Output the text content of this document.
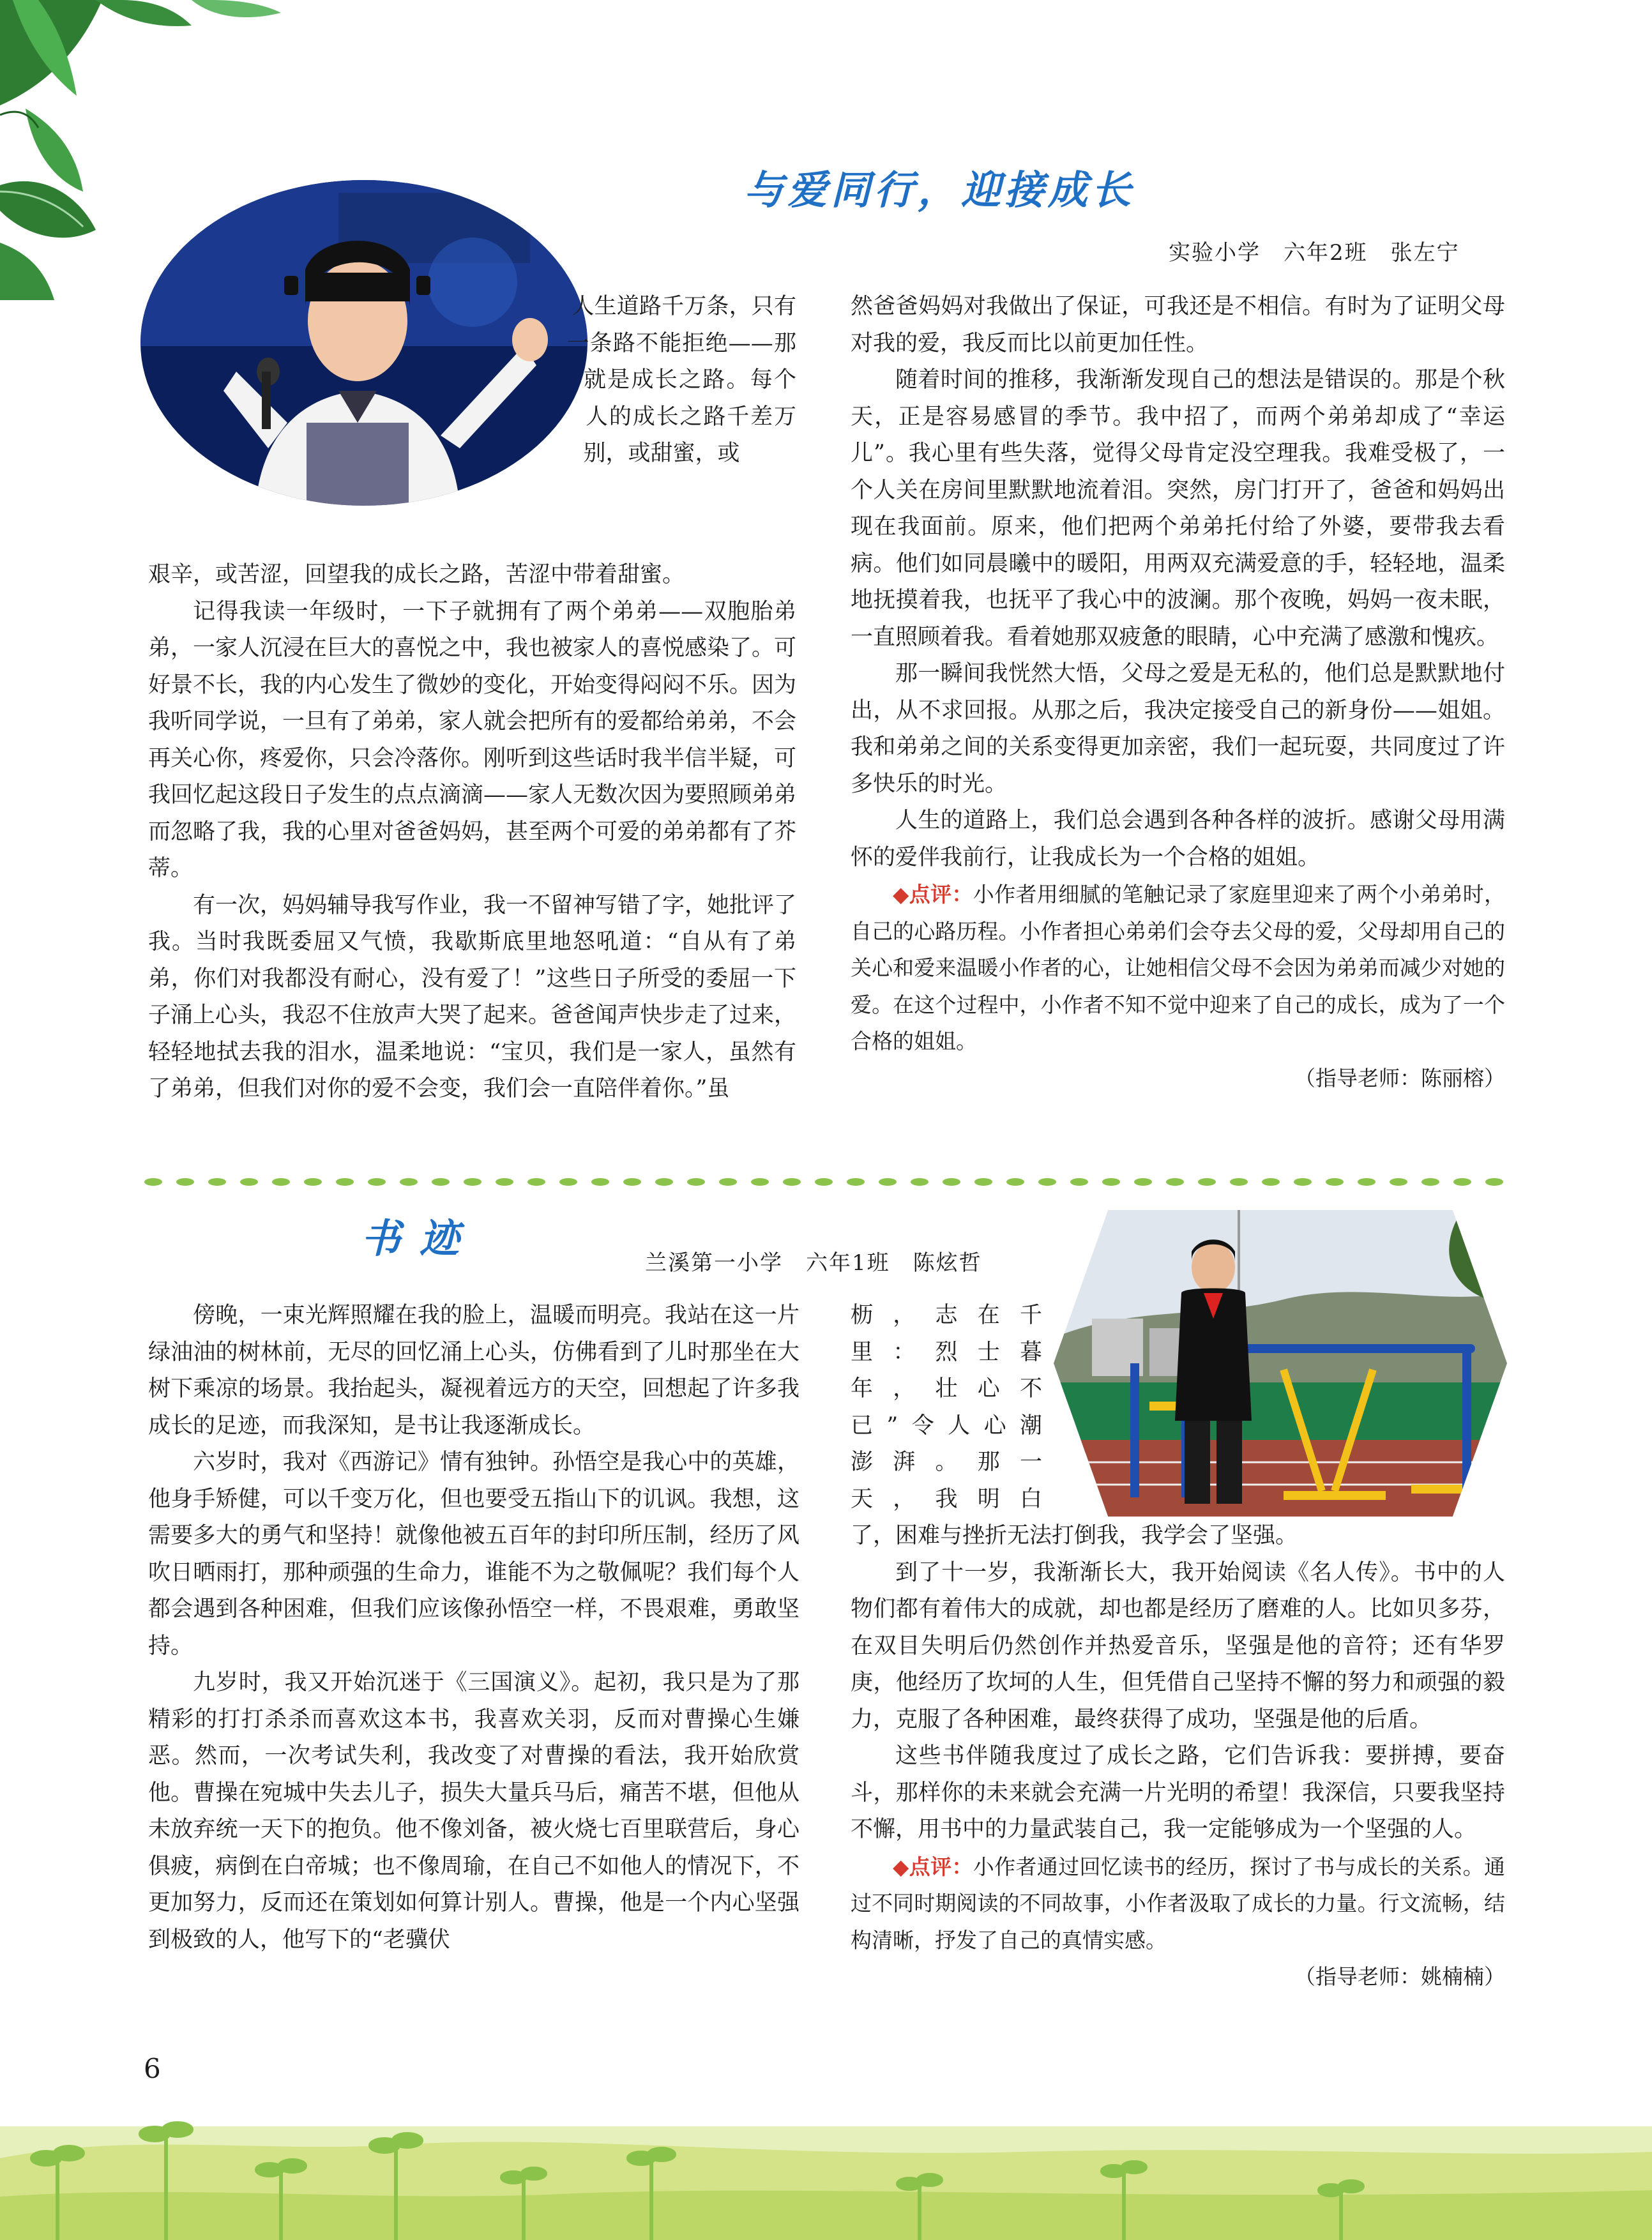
与爱同行，迎接成长
实验小学　六年2班　张左宁

人生道路千万条，只有一条路不能拒绝——那就是成长之路。每个人的成长之路千差万别，或甜蜜，或

艰辛，或苦涩，回望我的成长之路，苦涩中带着甜蜜。

记得我读一年级时，一下子就拥有了两个弟弟——双胞胎弟弟，一家人沉浸在巨大的喜悦之中，我也被家人的喜悦感染了。可好景不长，我的内心发生了微妙的变化，开始变得闷闷不乐。因为我听同学说，一旦有了弟弟，家人就会把所有的爱都给弟弟，不会再关心你，疼爱你，只会冷落你。刚听到这些话时我半信半疑，可我回忆起这段日子发生的点点滴滴——家人无数次因为要照顾弟弟而忽略了我，我的心里对爸爸妈妈，甚至两个可爱的弟弟都有了芥蒂。

有一次，妈妈辅导我写作业，我一不留神写错了字，她批评了我。当时我既委屈又气愤，我歇斯底里地怒吼道：“自从有了弟弟，你们对我都没有耐心，没有爱了！”这些日子所受的委屈一下子涌上心头，我忍不住放声大哭了起来。爸爸闻声快步走了过来，轻轻地拭去我的泪水，温柔地说：“宝贝，我们是一家人，虽然有了弟弟，但我们对你的爱不会变，我们会一直陪伴着你。”虽

然爸爸妈妈对我做出了保证，可我还是不相信。有时为了证明父母对我的爱，我反而比以前更加任性。

随着时间的推移，我渐渐发现自己的想法是错误的。那是个秋天，正是容易感冒的季节。我中招了，而两个弟弟却成了“幸运儿”。我心里有些失落，觉得父母肯定没空理我。我难受极了，一个人关在房间里默默地流着泪。突然，房门打开了，爸爸和妈妈出现在我面前。原来，他们把两个弟弟托付给了外婆，要带我去看病。他们如同晨曦中的暖阳，用两双充满爱意的手，轻轻地，温柔地抚摸着我，也抚平了我心中的波澜。那个夜晚，妈妈一夜未眠，一直照顾着我。看着她那双疲惫的眼睛，心中充满了感激和愧疚。

那一瞬间我恍然大悟，父母之爱是无私的，他们总是默默地付出，从不求回报。从那之后，我决定接受自己的新身份——姐姐。我和弟弟之间的关系变得更加亲密，我们一起玩耍，共同度过了许多快乐的时光。

人生的道路上，我们总会遇到各种各样的波折。感谢父母用满怀的爱伴我前行，让我成长为一个合格的姐姐。

◆点评：小作者用细腻的笔触记录了家庭里迎来了两个小弟弟时，自己的心路历程。小作者担心弟弟们会夺去父母的爱，父母却用自己的关心和爱来温暖小作者的心，让她相信父母不会因为弟弟而减少对她的爱。在这个过程中，小作者不知不觉中迎来了自己的成长，成为了一个合格的姐姐。

（指导老师：陈丽榕）

书迹
兰溪第一小学　六年1班　陈炫哲

傍晚，一束光辉照耀在我的脸上，温暖而明亮。我站在这一片绿油油的树林前，无尽的回忆涌上心头，仿佛看到了儿时那坐在大树下乘凉的场景。我抬起头，凝视着远方的天空，回想起了许多我成长的足迹，而我深知，是书让我逐渐成长。

六岁时，我对《西游记》情有独钟。孙悟空是我心中的英雄，他身手矫健，可以千变万化，但也要受五指山下的讥讽。我想，这需要多大的勇气和坚持！就像他被五百年的封印所压制，经历了风吹日晒雨打，那种顽强的生命力，谁能不为之敬佩呢？我们每个人都会遇到各种困难，但我们应该像孙悟空一样，不畏艰难，勇敢坚持。

九岁时，我又开始沉迷于《三国演义》。起初，我只是为了那精彩的打打杀杀而喜欢这本书，我喜欢关羽，反而对曹操心生嫌恶。然而，一次考试失利，我改变了对曹操的看法，我开始欣赏他。曹操在宛城中失去儿子，损失大量兵马后，痛苦不堪，但他从未放弃统一天下的抱负。他不像刘备，被火烧七百里联营后，身心俱疲，病倒在白帝城；也不像周瑜，在自己不如他人的情况下，不更加努力，反而还在策划如何算计别人。曹操，他是一个内心坚强到极致的人，他写下的“老骥伏

枥，志在千

里：烈士暮

年，壮心不

已”令人心潮

澎湃。那一

天，我明白

了，困难与挫折无法打倒我，我学会了坚强。

到了十一岁，我渐渐长大，我开始阅读《名人传》。书中的人物们都有着伟大的成就，却也都是经历了磨难的人。比如贝多芬，在双目失明后仍然创作并热爱音乐，坚强是他的音符；还有华罗庚，他经历了坎坷的人生，但凭借自己坚持不懈的努力和顽强的毅力，克服了各种困难，最终获得了成功，坚强是他的后盾。

这些书伴随我度过了成长之路，它们告诉我：要拼搏，要奋斗，那样你的未来就会充满一片光明的希望！我深信，只要我坚持不懈，用书中的力量武装自己，我一定能够成为一个坚强的人。

◆点评：小作者通过回忆读书的经历，探讨了书与成长的关系。通过不同时期阅读的不同故事，小作者汲取了成长的力量。行文流畅，结构清晰，抒发了自己的真情实感。

（指导老师：姚楠楠）

6
